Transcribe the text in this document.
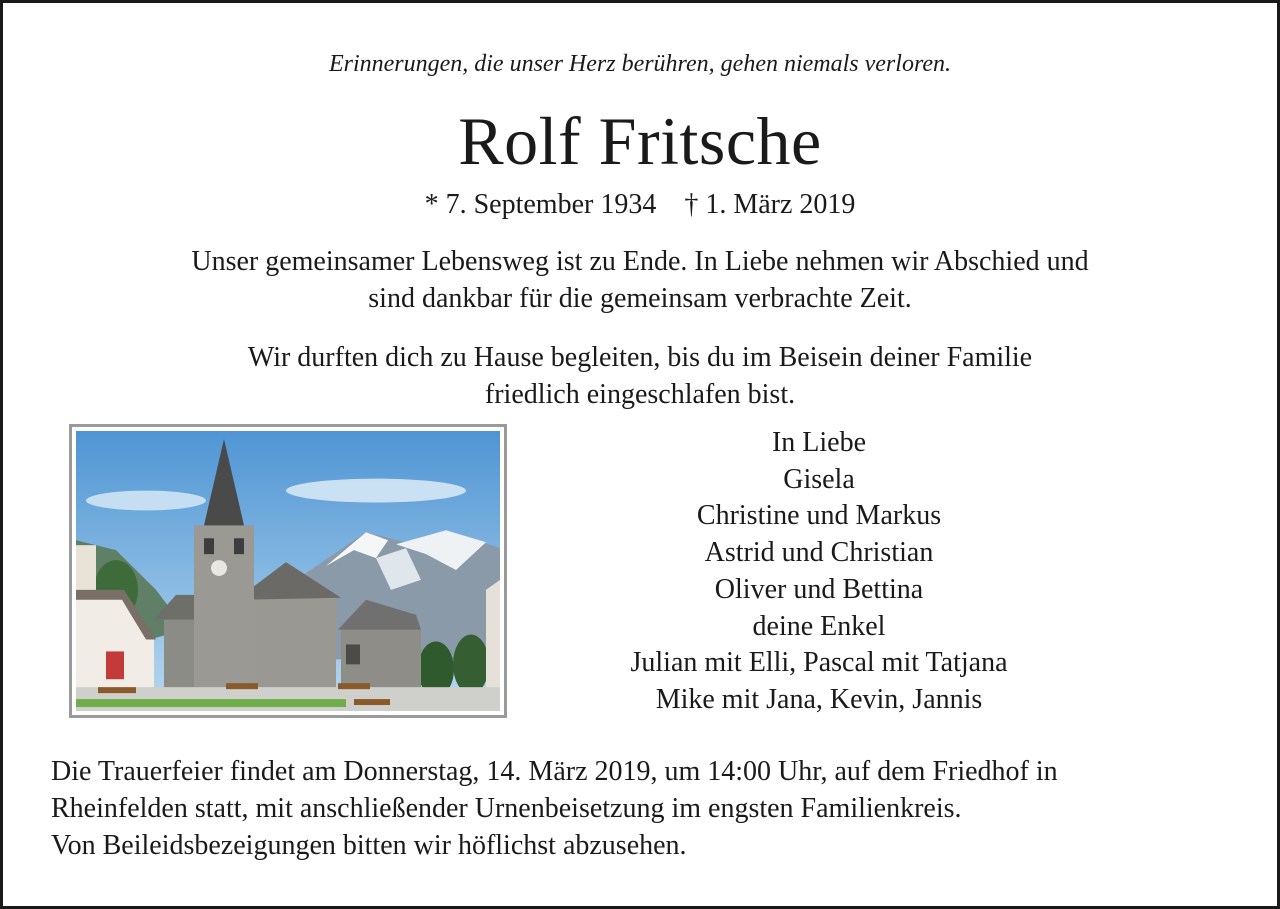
Erinnerungen, die unser Herz berühren, gehen niemals verloren.
Rolf Fritsche
* 7. September 1934 † 1. März 2019
Unser gemeinsamer Lebensweg ist zu Ende. In Liebe nehmen wir Abschied und
sind dankbar für die gemeinsam verbrachte Zeit.
Wir durften dich zu Hause begleiten, bis du im Beisein deiner Familie
friedlich eingeschlafen bist.
In Liebe
Gisela
Christine und Markus
Astrid und Christian
Oliver und Bettina
deine Enkel
Julian mit Elli, Pascal mit Tatjana
Mike mit Jana, Kevin, Jannis
Die Trauerfeier findet am Donnerstag, 14. März 2019, um 14:00 Uhr, auf dem Friedhof in
Rheinfelden statt, mit anschließender Urnenbeisetzung im engsten Familienkreis.
Von Beileidsbezeigungen bitten wir höflichst abzusehen.
